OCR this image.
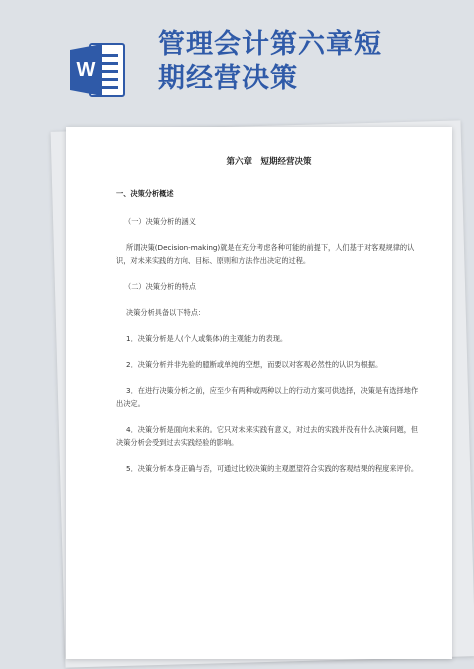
W
管理会计第六章短
期经营决策
第六章　短期经营决策
一、决策分析概述
（一）决策分析的涵义
所谓决策(Decision-making)就是在充分考虑各种可能的前提下，人们基于对客观规律的认识，对未来实践的方向、目标、原则和方法作出决定的过程。
（二）决策分析的特点
决策分析具备以下特点：
1．决策分析是人(个人或集体)的主观能力的表现。
2．决策分析并非先验的臆断或单纯的空想，而要以对客观必然性的认识为根据。
3．在进行决策分析之前，应至少有两种或两种以上的行动方案可供选择，决策是有选择地作出决定。
4．决策分析是面向未来的。它只对未来实践有意义，对过去的实践并没有什么决策问题，但决策分析会受到过去实践经验的影响。
5．决策分析本身正确与否，可通过比较决策的主观愿望符合实践的客观结果的程度来评价。
